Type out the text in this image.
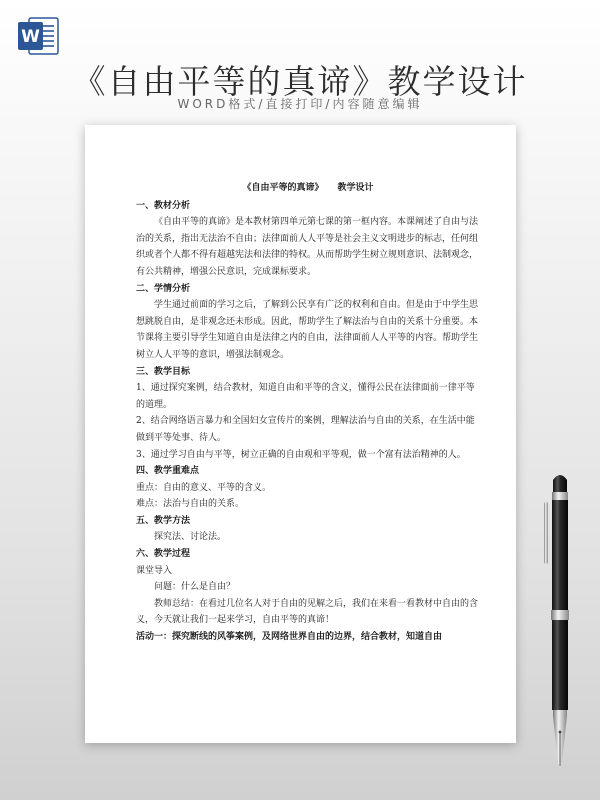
W
《自由平等的真谛》教学设计
WORD格式/直接打印/内容随意编辑
《自由平等的真谛》 教学设计

一、教材分析

《自由平等的真谛》是本教材第四单元第七课的第一框内容。本课阐述了自由与法治的关系，指出无法治不自由；法律面前人人平等是社会主义文明进步的标志，任何组织或者个人都不得有超越宪法和法律的特权。从而帮助学生树立规则意识、法制观念，有公共精神，增强公民意识，完成课标要求。

二、学情分析

学生通过前面的学习之后，了解到公民享有广泛的权利和自由。但是由于中学生思想跳脱自由，是非观念还未形成。因此，帮助学生了解法治与自由的关系十分重要。本节课将主要引导学生知道自由是法律之内的自由，法律面前人人平等的内容。帮助学生树立人人平等的意识，增强法制观念。

三、教学目标

1、通过探究案例，结合教材，知道自由和平等的含义，懂得公民在法律面前一律平等的道理。

2、结合网络语言暴力和全国妇女宣传片的案例，理解法治与自由的关系，在生活中能做到平等处事、待人。

3、通过学习自由与平等，树立正确的自由观和平等观，做一个富有法治精神的人。

四、教学重难点

重点：自由的意义、平等的含义。

难点：法治与自由的关系。

五、教学方法

探究法、讨论法。

六、教学过程

课堂导入

问题：什么是自由？

教师总结：在看过几位名人对于自由的见解之后，我们在来看一看教材中自由的含义，今天就让我们一起来学习，自由平等的真谛！

活动一：探究断线的风筝案例，及网络世界自由的边界，结合教材，知道自由
